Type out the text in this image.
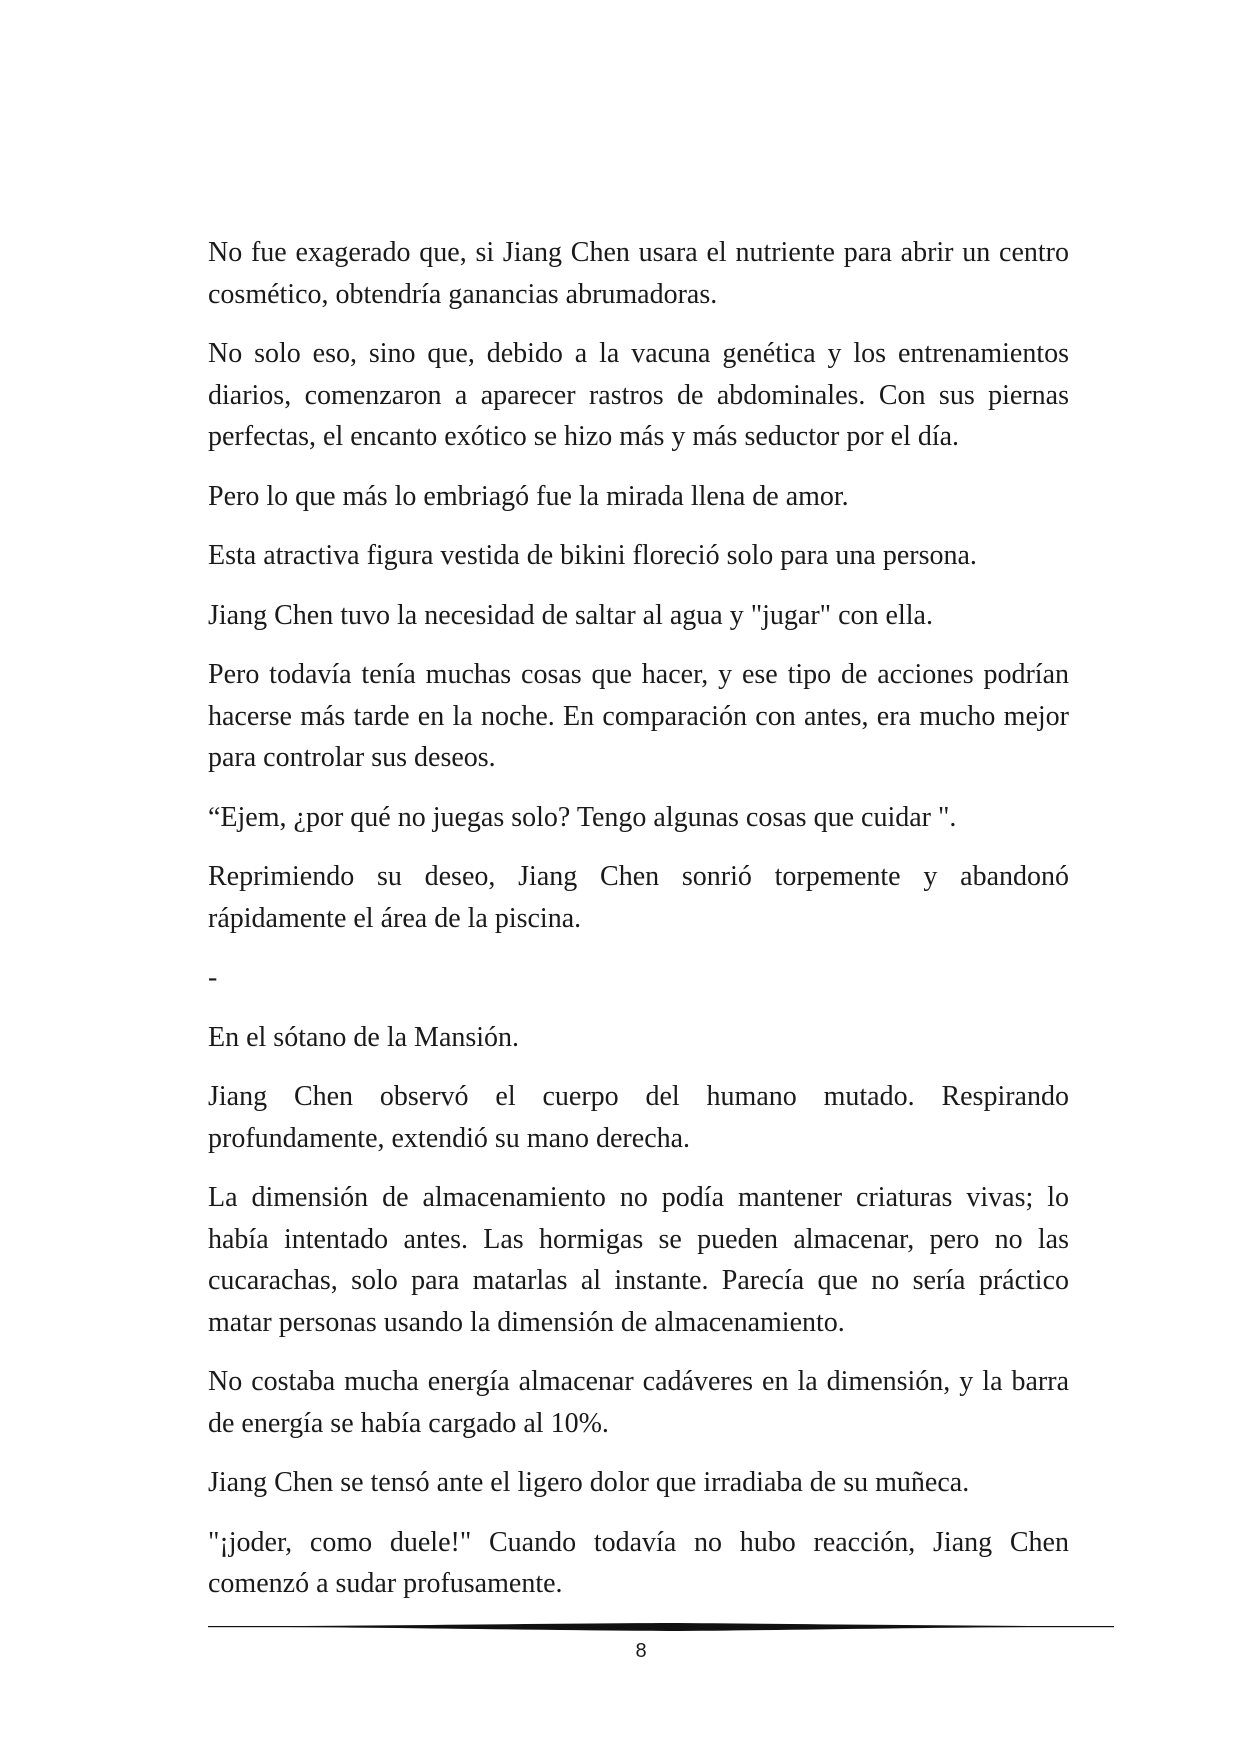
No fue exagerado que, si Jiang Chen usara el nutriente para abrir un centro cosmético, obtendría ganancias abrumadoras.

No solo eso, sino que, debido a la vacuna genética y los entrenamientos diarios, comenzaron a aparecer rastros de abdominales. Con sus piernas perfectas, el encanto exótico se hizo más y más seductor por el día.

Pero lo que más lo embriagó fue la mirada llena de amor.

Esta atractiva figura vestida de bikini floreció solo para una persona.

Jiang Chen tuvo la necesidad de saltar al agua y "jugar" con ella.

Pero todavía tenía muchas cosas que hacer, y ese tipo de acciones podrían hacerse más tarde en la noche. En comparación con antes, era mucho mejor para controlar sus deseos.

“Ejem, ¿por qué no juegas solo? Tengo algunas cosas que cuidar ".

Reprimiendo su deseo, Jiang Chen sonrió torpemente y abandonó rápidamente el área de la piscina.

-

En el sótano de la Mansión.

Jiang Chen observó el cuerpo del humano mutado. Respirando profundamente, extendió su mano derecha.

La dimensión de almacenamiento no podía mantener criaturas vivas; lo había intentado antes. Las hormigas se pueden almacenar, pero no las cucarachas, solo para matarlas al instante. Parecía que no sería práctico matar personas usando la dimensión de almacenamiento.

No costaba mucha energía almacenar cadáveres en la dimensión, y la barra de energía se había cargado al 10%.

Jiang Chen se tensó ante el ligero dolor que irradiaba de su muñeca.

"¡joder, como duele!" Cuando todavía no hubo reacción, Jiang Chen comenzó a sudar profusamente.

8
